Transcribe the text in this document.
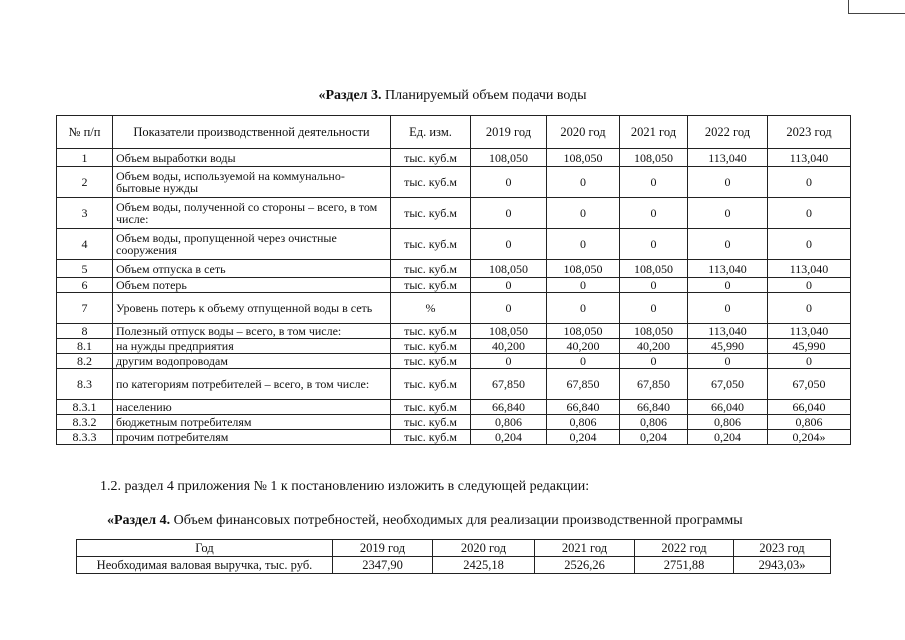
«Раздел 3. Планируемый объем подачи воды
№ п/п	Показатели производственной деятельности	Ед. изм.	2019 год	2020 год	2021 год	2022 год	2023 год
1	Объем выработки воды	тыс. куб.м	108,050	108,050	108,050	113,040	113,040
2	Объем воды, используемой на коммунально-бытовые нужды	тыс. куб.м	0	0	0	0	0
3	Объем воды, полученной со стороны – всего, в том числе:	тыс. куб.м	0	0	0	0	0
4	Объем воды, пропущенной через очистные сооружения	тыс. куб.м	0	0	0	0	0
5	Объем отпуска в сеть	тыс. куб.м	108,050	108,050	108,050	113,040	113,040
6	Объем потерь	тыс. куб.м	0	0	0	0	0
7	Уровень потерь к объему отпущенной воды в сеть	%	0	0	0	0	0
8	Полезный отпуск воды – всего, в том числе:	тыс. куб.м	108,050	108,050	108,050	113,040	113,040
8.1	на нужды предприятия	тыс. куб.м	40,200	40,200	40,200	45,990	45,990
8.2	другим водопроводам	тыс. куб.м	0	0	0	0	0
8.3	по категориям потребителей – всего, в том числе:	тыс. куб.м	67,850	67,850	67,850	67,050	67,050
8.3.1	населению	тыс. куб.м	66,840	66,840	66,840	66,040	66,040
8.3.2	бюджетным потребителям	тыс. куб.м	0,806	0,806	0,806	0,806	0,806
8.3.3	прочим потребителям	тыс. куб.м	0,204	0,204	0,204	0,204	0,204»
1.2. раздел 4 приложения № 1 к постановлению изложить в следующей редакции:
«Раздел 4. Объем финансовых потребностей, необходимых для реализации производственной программы
Год	2019 год	2020 год	2021 год	2022 год	2023 год
Необходимая валовая выручка, тыс. руб.	2347,90	2425,18	2526,26	2751,88	2943,03»
